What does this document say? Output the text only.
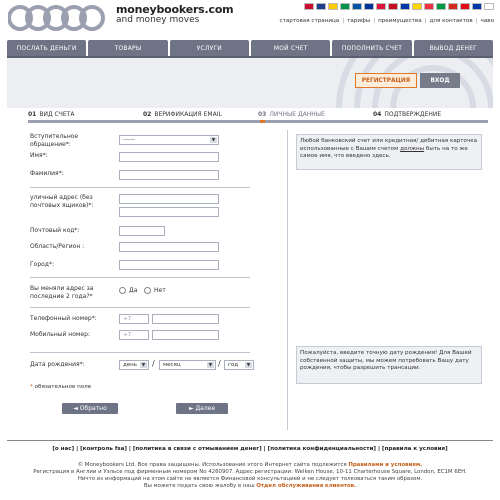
moneybookers.com
and money moves	стартовая страница | тарифы | преимущества | для контактов | чаво
ПОСЛАТЬ ДЕНЬГИ	ТОВАРЫ	УСЛУГИ	МОЙ СЧЕТ	ПОПОЛНИТЬ СЧЕТ	ВЫВОД ДЕНЕГ
РЕГИСТРАЦИЯ	ВХОД
01 ВИД СЧЕТА	02 ВЕРИФИКАЦИЯ EMAIL	03 ЛИЧНЫЕ ДАННЫЕ	04 ПОДТВЕРЖДЕНИЕ
Вступительное обращение*:
------	▼
Имя*:
Фамилия*:
уличный адрес (без почтовых ящиков)*:
Почтовый код*:
Область/Регион :
Город*:
Вы меняли адрес за последние 2 года?*
Да	Нет
Телефонный номер*:	+7
Мобильный номер:	+7
Дата рождения*:	день	▼ / месяц	▼ / год	▼
* обязательное поле
◄ Обратно	► Далее
Любой банковский счет или кредитная/ дебитная карточка использованные с Вашим счетом должны быть на то же самое имя, что введено здесь.
Пожалуйста, введите точную дату рождения! Для Вашей собственной защиты, мы можем потребовать Вашу дату рождения, чтобы разрешить трансации.
[о нас] | [контроль fsa] | [политика в связи с отмыванием денег] | [политика конфиденциальности] | [правила к условия]
© Moneybookers Ltd. Все права защищены. Использование этого Интернет сайта подлежится Правилами и условиям.
Регистрация в Англии и Уэльсе под фирменным номером No 4260907. Адрес регистрации: Welken House, 10-11 Charterhouse Square, London, EC1M 6EH.
Ничто из информаций на этом сайте не является Финансовой консультацией и не следует толковаться таким образом.
Вы можете подать свою жалобу в наш Отдел обслуживания клиентов.
